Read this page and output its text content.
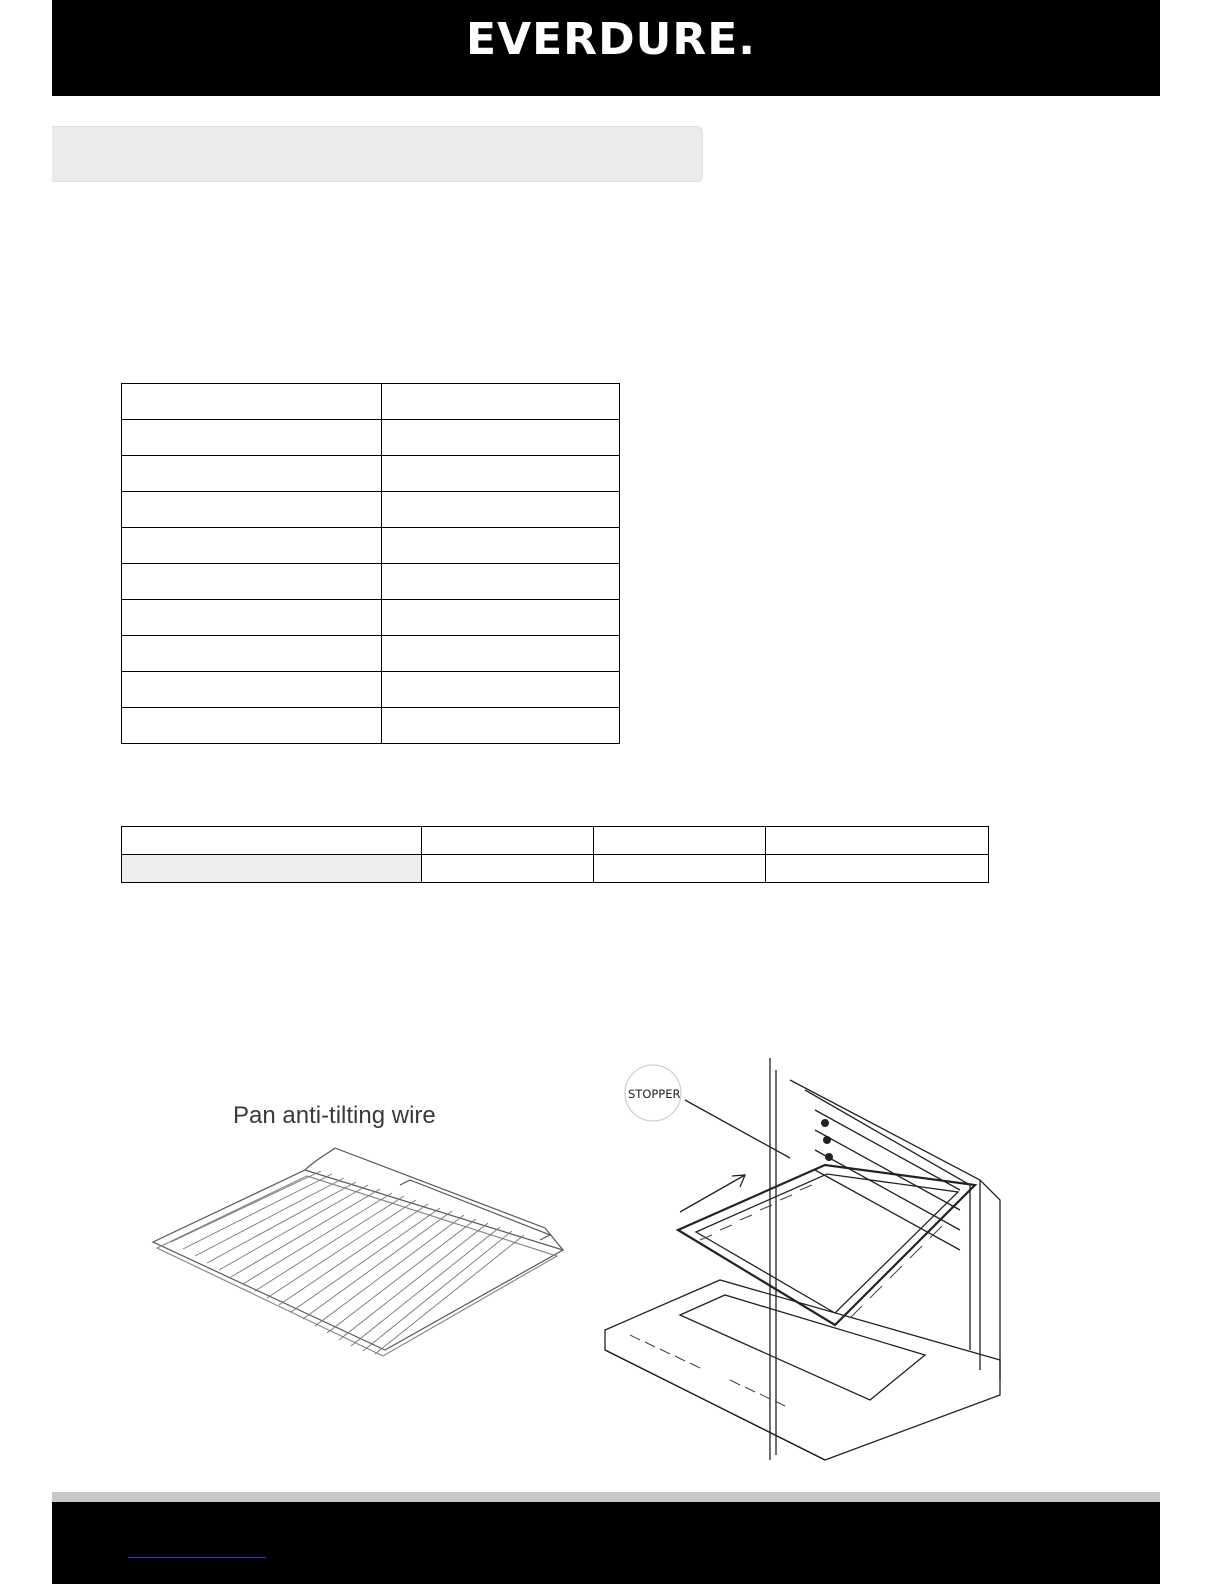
EVERDURE.

Pan anti-tilting wire
STOPPER
